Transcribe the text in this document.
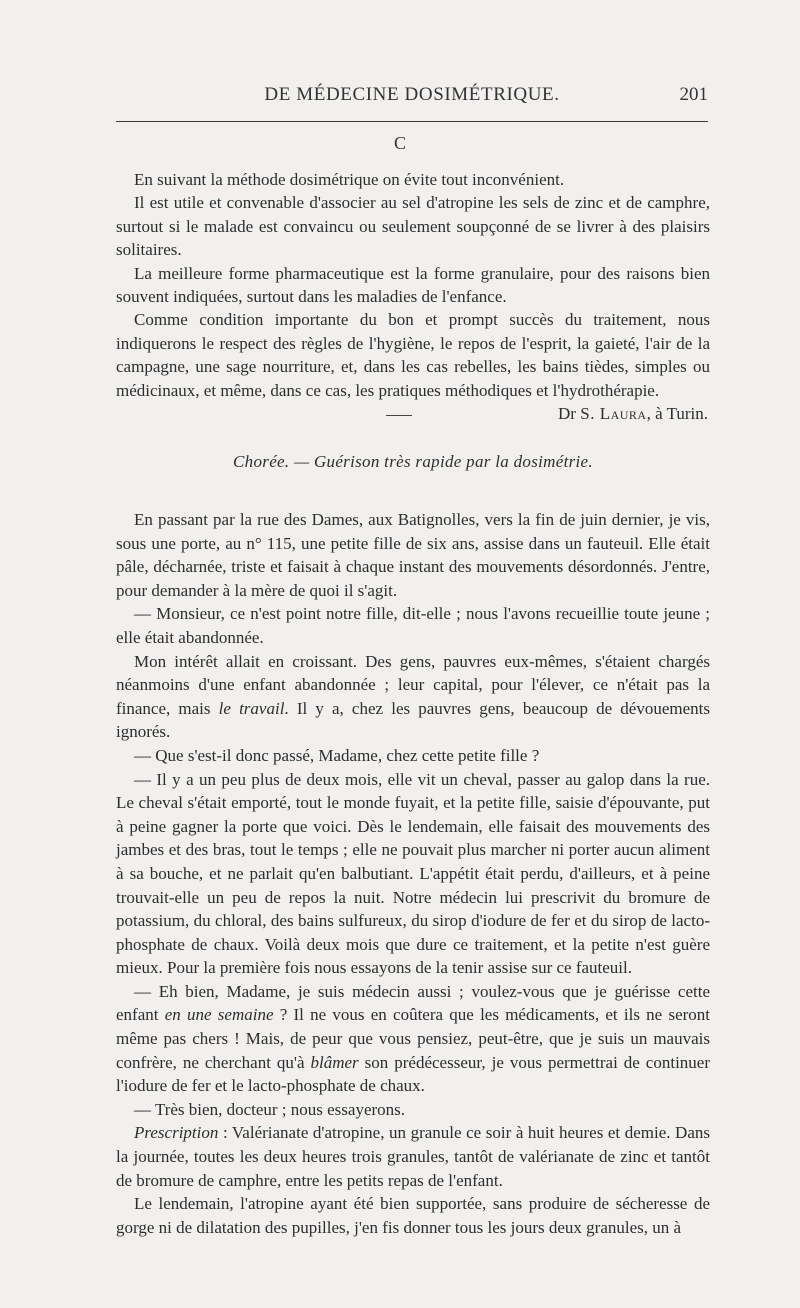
DE MÉDECINE DOSIMÉTRIQUE.	201
C

En suivant la méthode dosimétrique on évite tout inconvénient.

Il est utile et convenable d'associer au sel d'atropine les sels de zinc et de camphre, surtout si le malade est convaincu ou seulement soupçonné de se livrer à des plaisirs solitaires.

La meilleure forme pharmaceutique est la forme granulaire, pour des raisons bien souvent indiquées, surtout dans les maladies de l'enfance.

Comme condition importante du bon et prompt succès du traitement, nous indiquerons le respect des règles de l'hygiène, le repos de l'esprit, la gaieté, l'air de la campagne, une sage nourriture, et, dans les cas rebelles, les bains tièdes, simples ou médicinaux, et même, dans ce cas, les pratiques méthodiques et l'hydrothérapie.

Dr S. Laura, à Turin.

Chorée. — Guérison très rapide par la dosimétrie.

En passant par la rue des Dames, aux Batignolles, vers la fin de juin dernier, je vis, sous une porte, au n° 115, une petite fille de six ans, assise dans un fauteuil. Elle était pâle, décharnée, triste et faisait à chaque instant des mouvements désordonnés. J'entre, pour demander à la mère de quoi il s'agit.

— Monsieur, ce n'est point notre fille, dit-elle ; nous l'avons recueillie toute jeune ; elle était abandonnée.

Mon intérêt allait en croissant. Des gens, pauvres eux-mêmes, s'étaient chargés néanmoins d'une enfant abandonnée ; leur capital, pour l'élever, ce n'était pas la finance, mais le travail. Il y a, chez les pauvres gens, beaucoup de dévouements ignorés.

— Que s'est-il donc passé, Madame, chez cette petite fille ?

— Il y a un peu plus de deux mois, elle vit un cheval, passer au galop dans la rue. Le cheval s'était emporté, tout le monde fuyait, et la petite fille, saisie d'épouvante, put à peine gagner la porte que voici. Dès le lendemain, elle faisait des mouvements des jambes et des bras, tout le temps ; elle ne pouvait plus marcher ni porter aucun aliment à sa bouche, et ne parlait qu'en balbutiant. L'appétit était perdu, d'ailleurs, et à peine trouvait-elle un peu de repos la nuit. Notre médecin lui prescrivit du bromure de potassium, du chloral, des bains sulfureux, du sirop d'iodure de fer et du sirop de lacto-phosphate de chaux. Voilà deux mois que dure ce traitement, et la petite n'est guère mieux. Pour la première fois nous essayons de la tenir assise sur ce fauteuil.

— Eh bien, Madame, je suis médecin aussi ; voulez-vous que je guérisse cette enfant en une semaine ? Il ne vous en coûtera que les médicaments, et ils ne seront même pas chers ! Mais, de peur que vous pensiez, peut-être, que je suis un mauvais confrère, ne cherchant qu'à blâmer son prédécesseur, je vous permettrai de continuer l'iodure de fer et le lacto-phosphate de chaux.

— Très bien, docteur ; nous essayerons.

Prescription : Valérianate d'atropine, un granule ce soir à huit heures et demie. Dans la journée, toutes les deux heures trois granules, tantôt de valérianate de zinc et tantôt de bromure de camphre, entre les petits repas de l'enfant.

Le lendemain, l'atropine ayant été bien supportée, sans produire de sécheresse de gorge ni de dilatation des pupilles, j'en fis donner tous les jours deux granules, un à
